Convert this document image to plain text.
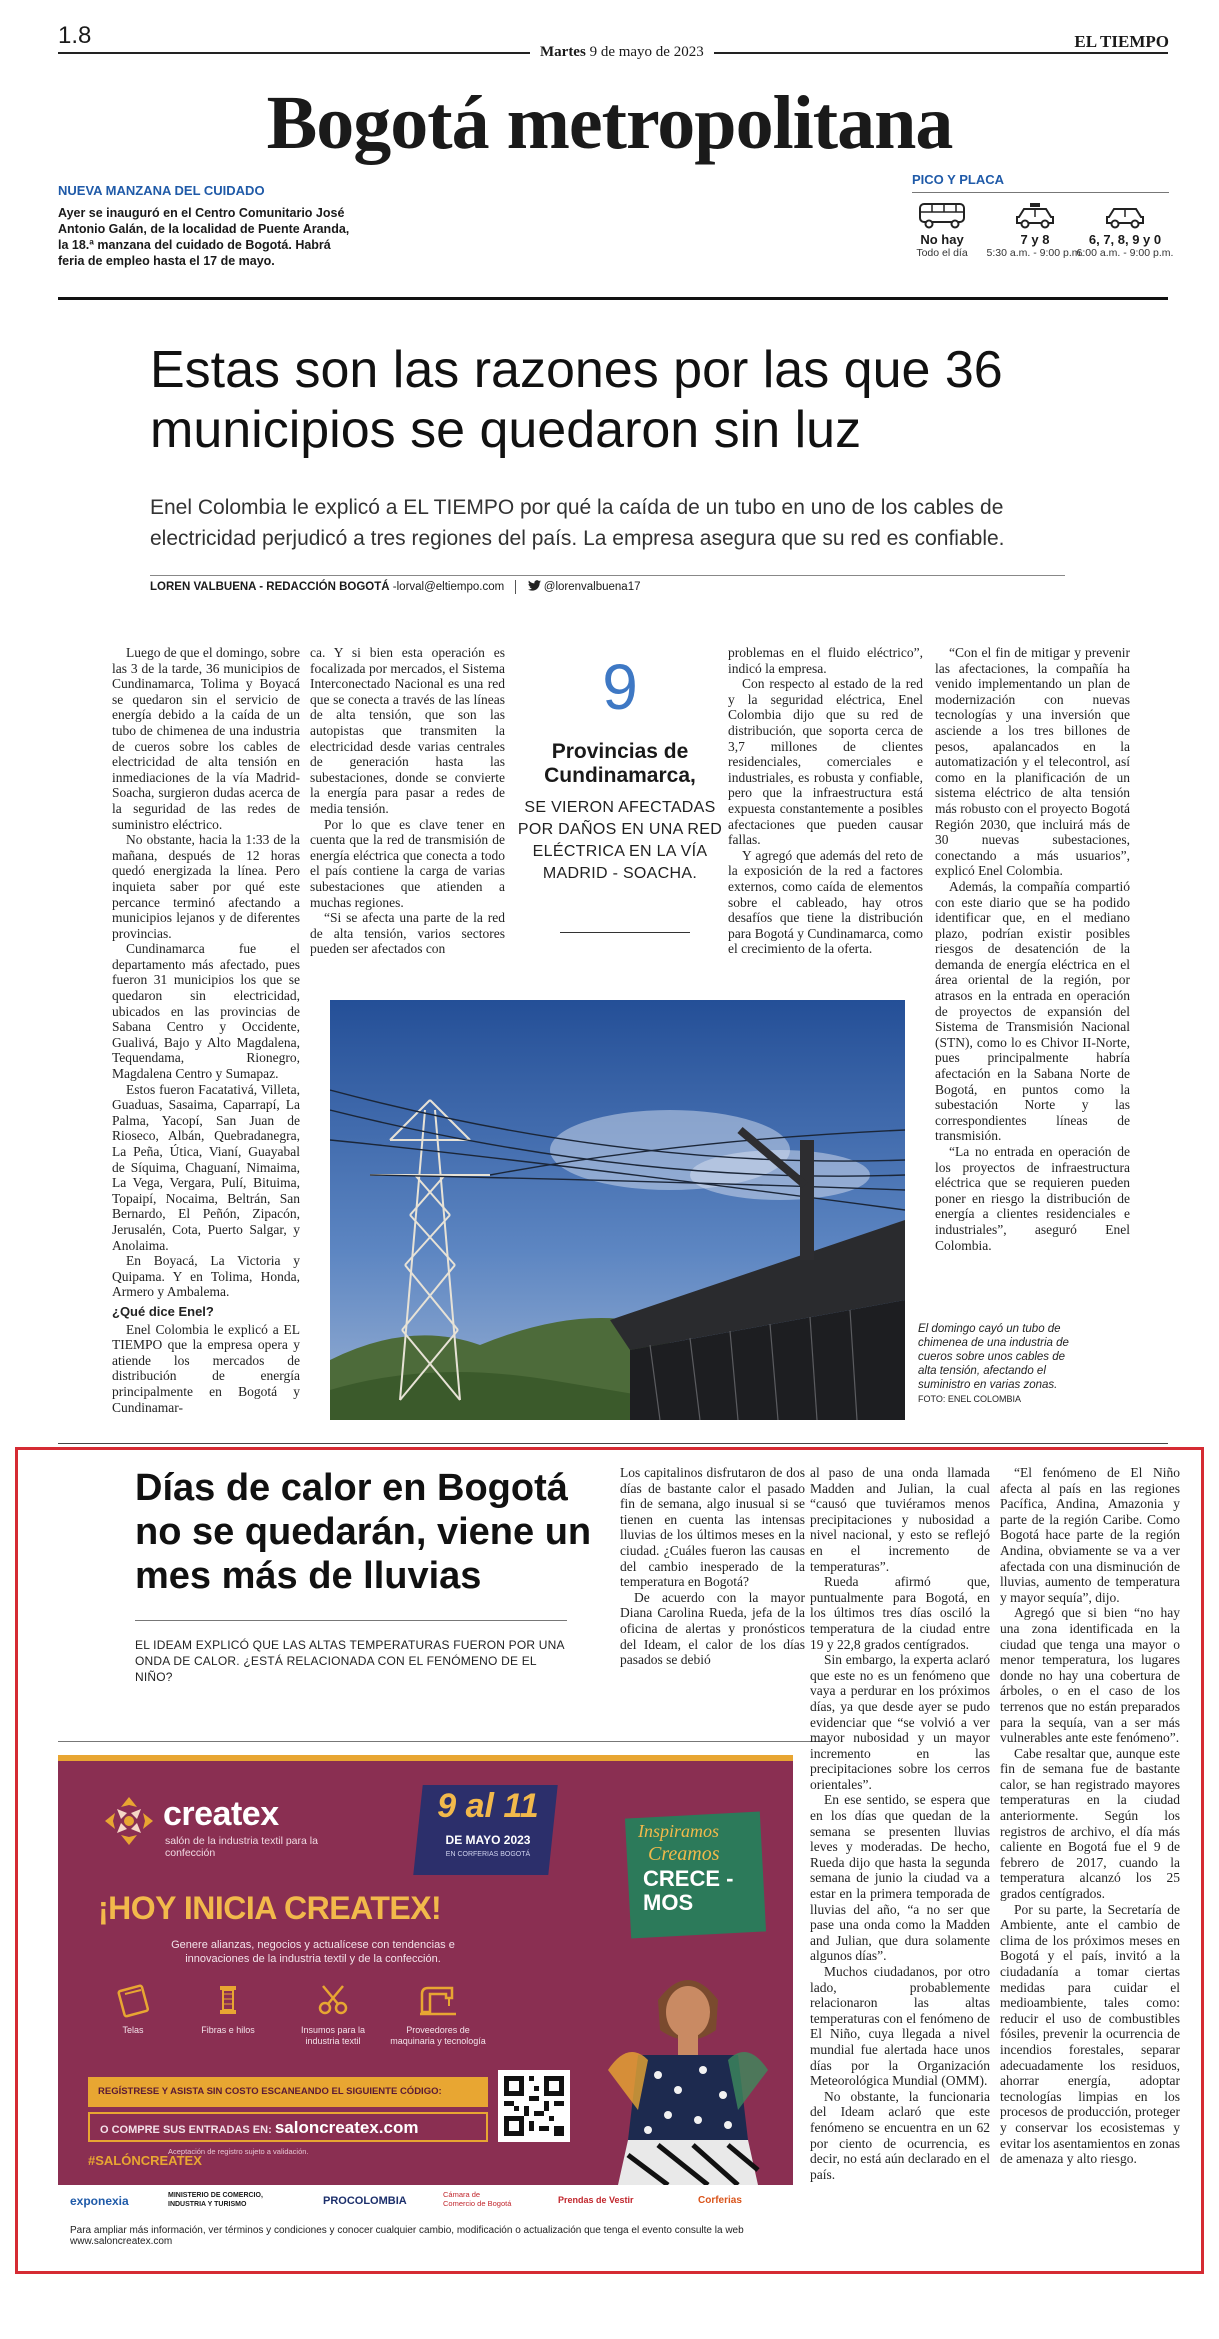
1.8
Martes 9 de mayo de 2023
EL TIEMPO
Bogotá metropolitana
NUEVA MANZANA DEL CUIDADO
Ayer se inauguró en el Centro Comunitario José Antonio Galán, de la localidad de Puente Aranda, la 18.ª manzana del cuidado de Bogotá. Habrá feria de empleo hasta el 17 de mayo.
PICO Y PLACA
No hay
Todo el día
7 y 8
5:30 a.m. - 9:00 p.m.
6, 7, 8, 9 y 0
6:00 a.m. - 9:00 p.m.
Estas son las razones por las que 36 municipios se quedaron sin luz
Enel Colombia le explicó a EL TIEMPO por qué la caída de un tubo en uno de los cables de electricidad perjudicó a tres regiones del país. La empresa asegura que su red es confiable.
LOREN VALBUENA - REDACCIÓN BOGOTÁ -lorval@eltiempo.com	@lorenvalbuena17

Luego de que el domingo, sobre las 3 de la tarde, 36 municipios de Cundinamarca, Tolima y Boyacá se quedaron sin el servicio de energía debido a la caída de un tubo de chimenea de una industria de cueros sobre los cables de electricidad de alta tensión en inmediaciones de la vía Madrid-Soacha, surgieron dudas acerca de la seguridad de las redes de suministro eléctrico.

No obstante, hacia la 1:33 de la mañana, después de 12 horas quedó energizada la línea. Pero inquieta saber por qué este percance terminó afectando a municipios lejanos y de diferentes provincias.

Cundinamarca fue el departamento más afectado, pues fueron 31 municipios los que se quedaron sin electricidad, ubicados en las provincias de Sabana Centro y Occidente, Gualivá, Bajo y Alto Magdalena, Tequendama, Rionegro, Magdalena Centro y Sumapaz.

Estos fueron Facatativá, Villeta, Guaduas, Sasaima, Caparrapí, La Palma, Yacopí, San Juan de Rioseco, Albán, Quebradanegra, La Peña, Útica, Vianí, Guayabal de Síquima, Chaguaní, Nimaima, La Vega, Vergara, Pulí, Bituima, Topaipí, Nocaima, Beltrán, San Bernardo, El Peñón, Zipacón, Jerusalén, Cota, Puerto Salgar, y Anolaima.

En Boyacá, La Victoria y Quipama. Y en Tolima, Honda, Armero y Ambalema.

¿Qué dice Enel?

Enel Colombia le explicó a EL TIEMPO que la empresa opera y atiende los mercados de distribución de energía principalmente en Bogotá y Cundinamar-

ca. Y si bien esta operación es focalizada por mercados, el Sistema Interconectado Nacional es una red que se conecta a través de las líneas de alta tensión, que son las autopistas que transmiten la electricidad desde varias centrales de generación hasta las subestaciones, donde se convierte la energía para pasar a redes de media tensión.

Por lo que es clave tener en cuenta que la red de transmisión de energía eléctrica que conecta a todo el país contiene la carga de varias subestaciones que atienden a muchas regiones.

“Si se afecta una parte de la red de alta tensión, varios sectores pueden ser afectados con

9
Provincias de Cundinamarca,
SE VIERON AFECTADAS POR DAÑOS EN UNA RED ELÉCTRICA EN LA VÍA MADRID - SOACHA.

problemas en el fluido eléctrico”, indicó la empresa.

Con respecto al estado de la red y la seguridad eléctrica, Enel Colombia dijo que su red de distribución, que soporta cerca de 3,7 millones de clientes residenciales, comerciales e industriales, es robusta y confiable, pero que la infraestructura está expuesta constantemente a posibles afectaciones que pueden causar fallas.

Y agregó que además del reto de la exposición de la red a factores externos, como caída de elementos sobre el cableado, hay otros desafíos que tiene la distribución para Bogotá y Cundinamarca, como el crecimiento de la oferta.

“Con el fin de mitigar y prevenir las afectaciones, la compañía ha venido implementando un plan de modernización con nuevas tecnologías y una inversión que asciende a los tres billones de pesos, apalancados en la automatización y el telecontrol, así como en la planificación de un sistema eléctrico de alta tensión más robusto con el proyecto Bogotá Región 2030, que incluirá más de 30 nuevas subestaciones, conectando a más usuarios”, explicó Enel Colombia.

Además, la compañía compartió con este diario que se ha podido identificar que, en el mediano plazo, podrían existir posibles riesgos de desatención de la demanda de energía eléctrica en el área oriental de la región, por atrasos en la entrada en operación de proyectos de expansión del Sistema de Transmisión Nacional (STN), como lo es Chivor II-Norte, pues principalmente habría afectación en la Sabana Norte de Bogotá, en puntos como la subestación Norte y las correspondientes líneas de transmisión.

“La no entrada en operación de los proyectos de infraestructura eléctrica que se requieren pueden poner en riesgo la distribución de energía a clientes residenciales e industriales”, aseguró Enel Colombia.

El domingo cayó un tubo de chimenea de una industria de cueros sobre unos cables de alta tensión, afectando el suministro en varias zonas. FOTO: ENEL COLOMBIA
Días de calor en Bogotá no se quedarán, viene un mes más de lluvias
EL IDEAM EXPLICÓ QUE LAS ALTAS TEMPERATURAS FUERON POR UNA ONDA DE CALOR. ¿ESTÁ RELACIONADA CON EL FENÓMENO DE EL NIÑO?

Los capitalinos disfrutaron de dos días de bastante calor el pasado fin de semana, algo inusual si se tienen en cuenta las intensas lluvias de los últimos meses en la ciudad. ¿Cuáles fueron las causas del cambio inesperado de la temperatura en Bogotá?

De acuerdo con la mayor Diana Carolina Rueda, jefa de la oficina de alertas y pronósticos del Ideam, el calor de los días pasados se debió

al paso de una onda llamada Madden and Julian, la cual “causó que tuviéramos menos precipitaciones y nubosidad a nivel nacional, y esto se reflejó en el incremento de temperaturas”.

Rueda afirmó que, puntualmente para Bogotá, en los últimos tres días osciló la temperatura de la ciudad entre 19 y 22,8 grados centígrados.

Sin embargo, la experta aclaró que este no es un fenómeno que vaya a perdurar en los próximos días, ya que desde ayer se pudo evidenciar que “se volvió a ver mayor nubosidad y un mayor incremento en las precipitaciones sobre los cerros orientales”.

En ese sentido, se espera que en los días que quedan de la semana se presenten lluvias leves y moderadas. De hecho, Rueda dijo que hasta la segunda semana de junio la ciudad va a estar en la primera temporada de lluvias del año, “a no ser que pase una onda como la Madden and Julian, que dura solamente algunos días”.

Muchos ciudadanos, por otro lado, probablemente relacionaron las altas temperaturas con el fenómeno de El Niño, cuya llegada a nivel mundial fue alertada hace unos días por la Organización Meteorológica Mundial (OMM).

No obstante, la funcionaria del Ideam aclaró que este fenómeno se encuentra en un 62 por ciento de ocurrencia, es decir, no está aún declarado en el país.

“El fenómeno de El Niño afecta al país en las regiones Pacífica, Andina, Amazonia y parte de la región Caribe. Como Bogotá hace parte de la región Andina, obviamente se va a ver afectada con una disminución de lluvias, aumento de temperatura y mayor sequía”, dijo.

Agregó que si bien “no hay una zona identificada en la ciudad que tenga una mayor o menor temperatura, los lugares donde no hay una cobertura de árboles, o en el caso de los terrenos que no están preparados para la sequía, van a ser más vulnerables ante este fenómeno”.

Cabe resaltar que, aunque este fin de semana fue de bastante calor, se han registrado mayores temperaturas en la ciudad anteriormente. Según los registros de archivo, el día más caliente en Bogotá fue el 9 de febrero de 2017, cuando la temperatura alcanzó los 25 grados centígrados.

Por su parte, la Secretaría de Ambiente, ante el cambio de clima de los próximos meses en Bogotá y el país, invitó a la ciudadanía a tomar ciertas medidas para cuidar el medioambiente, tales como: reducir el uso de combustibles fósiles, prevenir la ocurrencia de incendios forestales, separar adecuadamente los residuos, ahorrar energía, adoptar tecnologías limpias en los procesos de producción, proteger y conservar los ecosistemas y evitar los asentamientos en zonas de amenaza y alto riesgo.

createx
salón de la industria textil para la confección
9 al 11
DE MAYO 2023
EN CORFERIAS BOGOTÁ
Inspiramos
Creamos
CRECE -MOS
¡HOY INICIA CREATEX!
Genere alianzas, negocios y actualícese con tendencias e innovaciones de la industria textil y de la confección.
Telas	Fibras e hilos	Insumos para la industria textil
Proveedores de maquinaria y tecnología
REGÍSTRESE Y ASISTA SIN COSTO ESCANEANDO EL SIGUIENTE CÓDIGO:
O COMPRE SUS ENTRADAS EN: saloncreatex.com
Aceptación de registro sujeto a validación.
#SALÓNCREATEX
exponexia	MINISTERIO DE COMERCIO, INDUSTRIA Y TURISMO	PROCOLOMBIA
Cámara de Comercio de Bogotá	Prendas de Vestir	Corferias
Para ampliar más información, ver términos y condiciones y conocer cualquier cambio, modificación o actualización que tenga el evento consulte la web www.saloncreatex.com
